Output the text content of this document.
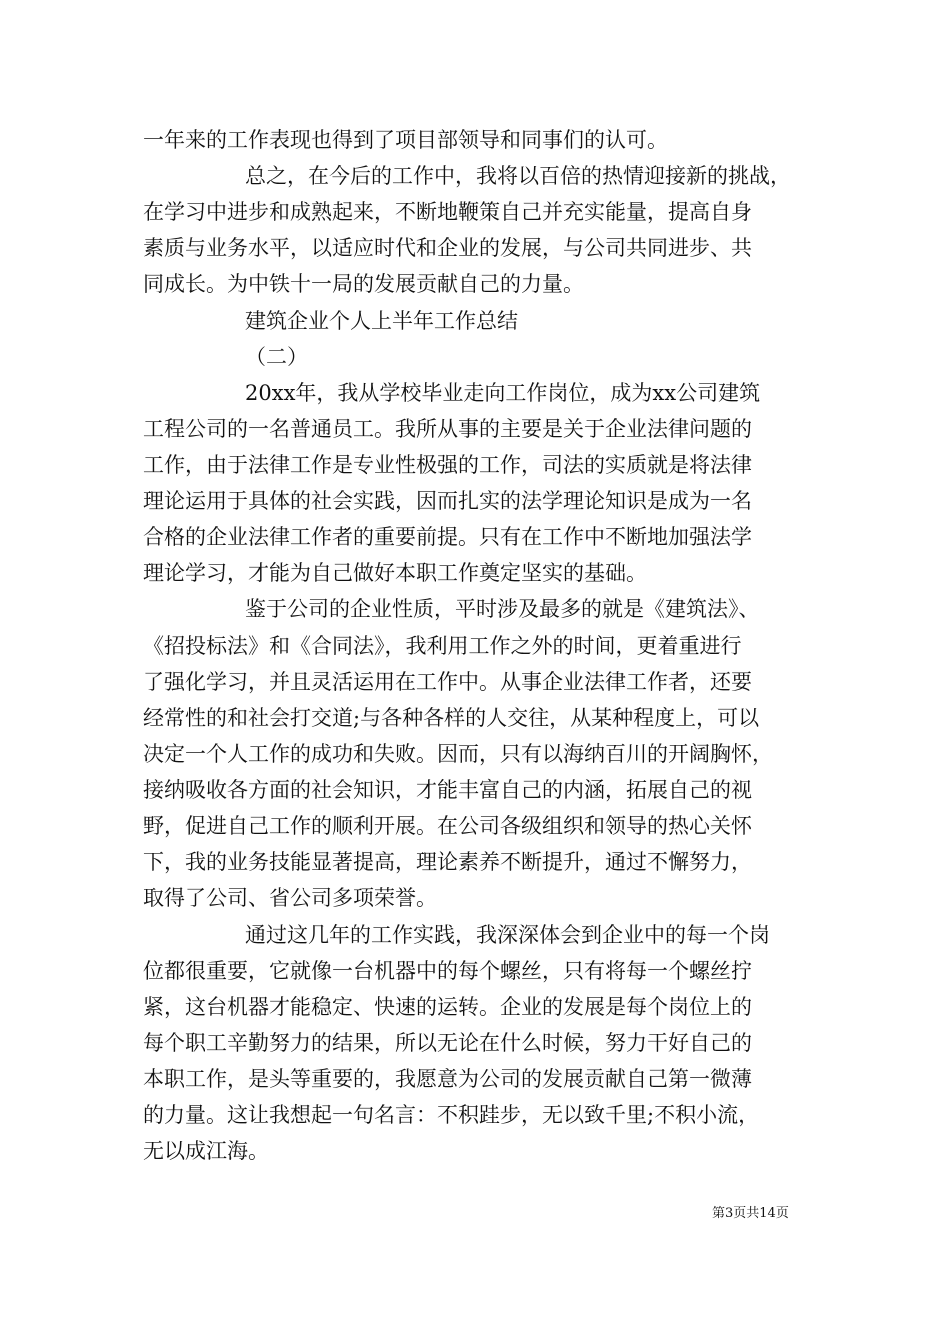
一年来的工作表现也得到了项目部领导和同事们的认可。
总之，在今后的工作中，我将以百倍的热情迎接新的挑战，
在学习中进步和成熟起来，不断地鞭策自己并充实能量，提高自身
素质与业务水平，以适应时代和企业的发展，与公司共同进步、共
同成长。为中铁十一局的发展贡献自己的力量。
建筑企业个人上半年工作总结
（二）
20xx年，我从学校毕业走向工作岗位，成为xx公司建筑
工程公司的一名普通员工。我所从事的主要是关于企业法律问题的
工作，由于法律工作是专业性极强的工作，司法的实质就是将法律
理论运用于具体的社会实践，因而扎实的法学理论知识是成为一名
合格的企业法律工作者的重要前提。只有在工作中不断地加强法学
理论学习，才能为自己做好本职工作奠定坚实的基础。
鉴于公司的企业性质，平时涉及最多的就是《建筑法》、
《招投标法》和《合同法》，我利用工作之外的时间，更着重进行
了强化学习，并且灵活运用在工作中。从事企业法律工作者，还要
经常性的和社会打交道;与各种各样的人交往，从某种程度上，可以
决定一个人工作的成功和失败。因而，只有以海纳百川的开阔胸怀，
接纳吸收各方面的社会知识，才能丰富自己的内涵，拓展自己的视
野，促进自己工作的顺利开展。在公司各级组织和领导的热心关怀
下，我的业务技能显著提高，理论素养不断提升，通过不懈努力，
取得了公司、省公司多项荣誉。
通过这几年的工作实践，我深深体会到企业中的每一个岗
位都很重要，它就像一台机器中的每个螺丝，只有将每一个螺丝拧
紧，这台机器才能稳定、快速的运转。企业的发展是每个岗位上的
每个职工辛勤努力的结果，所以无论在什么时候，努力干好自己的
本职工作，是头等重要的，我愿意为公司的发展贡献自己第一微薄
的力量。这让我想起一句名言：不积跬步，无以致千里;不积小流，
无以成江海。
第3页共14页
